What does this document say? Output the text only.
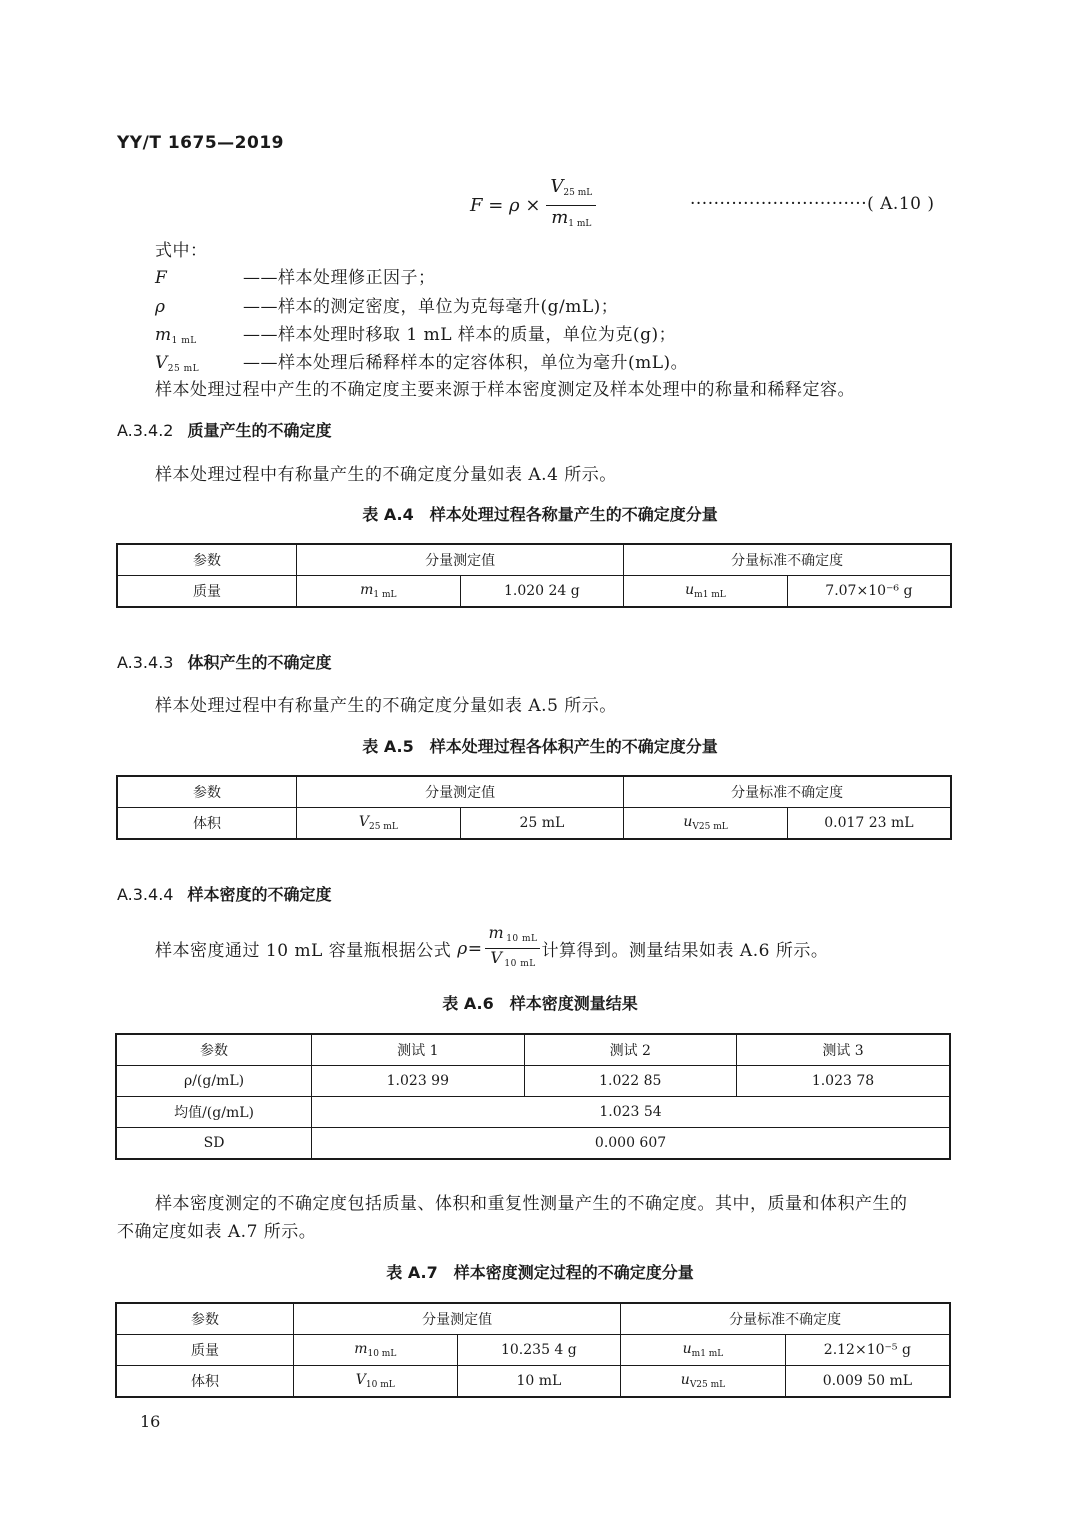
YY/T 1675—2019
$F = \rho \times \frac{V_{25 mL}}{m_{1 mL}}$	······························( A.10 )
式中：
F	——样本处理修正因子；
ρ	——样本的测定密度，单位为克每毫升(g/mL)；
$m_{1 mL}$	——样本处理时移取 1 mL 样本的质量，单位为克(g)；
$V_{25 mL}$	——样本处理后稀释样本的定容体积，单位为毫升(mL)。
样本处理过程中产生的不确定度主要来源于样本密度测定及样本处理中的称量和稀释定容。
A.3.4.2 质量产生的不确定度
样本处理过程中有称量产生的不确定度分量如表 A.4 所示。
表 A.4　样本处理过程各称量产生的不确定度分量
参数	分量测定值		分量标准不确定度	
质量	$m_{1 mL}$	1.020 24 g	$u_{m1 mL}$	7.07×10⁻⁶ g
A.3.4.3 体积产生的不确定度
样本处理过程中有称量产生的不确定度分量如表 A.5 所示。
表 A.5　样本处理过程各体积产生的不确定度分量
参数	分量测定值		分量标准不确定度	
体积	$V_{25 mL}$	25 mL	$u_{V25 mL}$	0.017 23 mL
A.3.4.4 样本密度的不确定度
样本密度通过 10 mL 容量瓶根据公式 $\rho= \frac{m _{10 mL}}{V _{10 mL}}$ 计算得到。测量结果如表 A.6 所示。
表 A.6　样本密度测量结果
参数	测试 1	测试 2	测试 3
ρ/(g/mL)	1.023 99	1.022 85	1.023 78
均值/(g/mL)	1.023 54		
SD	0.000 607		
样本密度测定的不确定度包括质量、体积和重复性测量产生的不确定度。其中，质量和体积产生的
不确定度如表 A.7 所示。
表 A.7　样本密度测定过程的不确定度分量
参数	分量测定值		分量标准不确定度	
质量	$m_{10 mL}$	10.235 4 g	$u_{m1 mL}$	2.12×10⁻⁵ g
体积	$V_{10 mL}$	10 mL	$u_{V25 mL}$	0.009 50 mL
16
